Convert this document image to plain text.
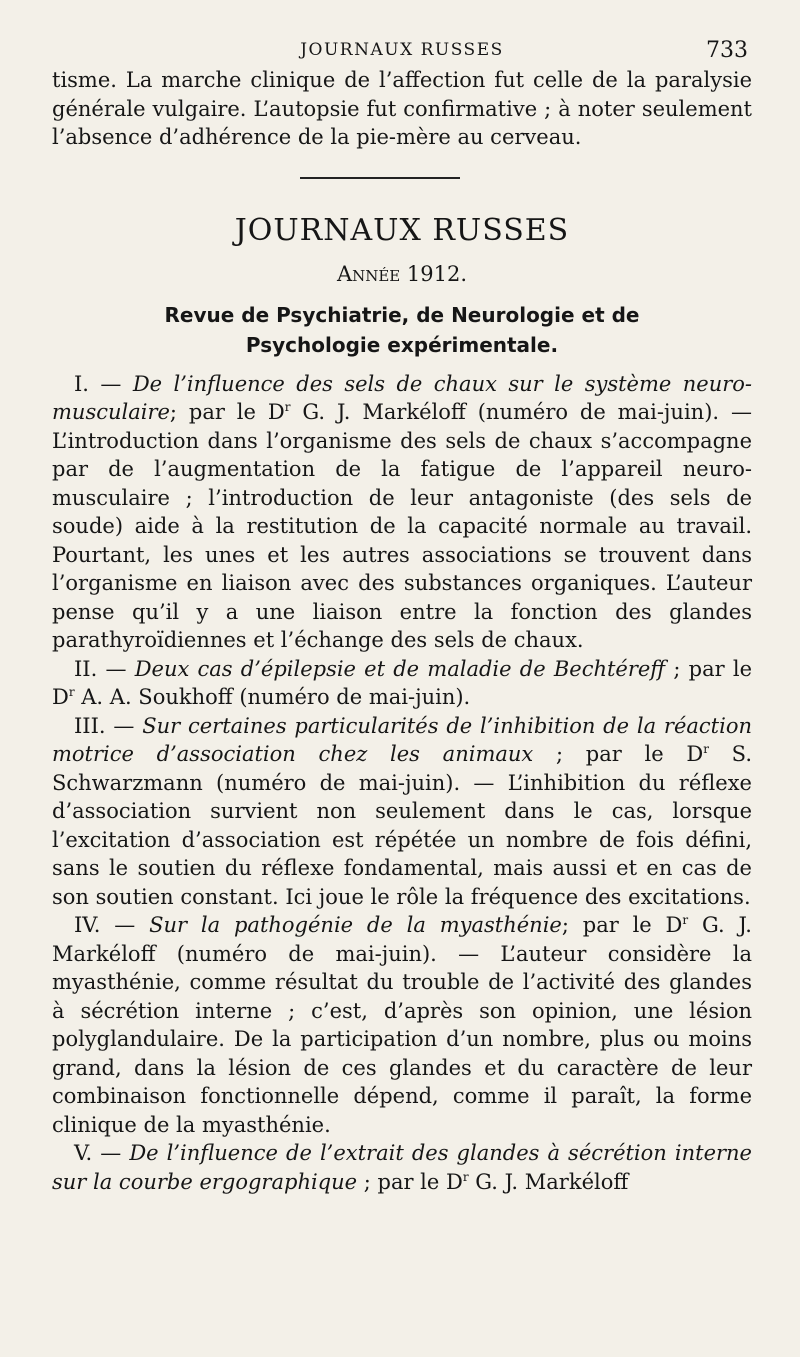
JOURNAUX RUSSES	733

tisme. La marche clinique de l’affection fut celle de la paralysie générale vulgaire. L’autopsie fut confirmative ; à noter seulement l’absence d’adhérence de la pie-mère au cerveau.

JOURNAUX RUSSES
Année 1912.
Revue de Psychiatrie, de Neurologie et de
Psychologie expérimentale.

I. — De l’influence des sels de chaux sur le système neuro-musculaire; par le $D^r$ G. J. Markéloff (numéro de mai-juin). — L’introduction dans l’organisme des sels de chaux s’accompagne par de l’augmentation de la fatigue de l’appareil neuro-musculaire ; l’introduction de leur antagoniste (des sels de soude) aide à la restitution de la capacité normale au travail. Pourtant, les unes et les autres associations se trouvent dans l’organisme en liaison avec des substances organiques. L’auteur pense qu’il y a une liaison entre la fonction des glandes parathyroïdiennes et l’échange des sels de chaux.

II. — Deux cas d’épilepsie et de maladie de Bechtéreff ; par le $D^r$ A. A. Soukhoff (numéro de mai-juin).

III. — Sur certaines particularités de l’inhibition de la réaction motrice d’association chez les animaux ; par le $D^r$ S. Schwarzmann (numéro de mai-juin). — L’inhibition du réflexe d’association survient non seulement dans le cas, lorsque l’excitation d’association est répétée un nombre de fois défini, sans le soutien du réflexe fondamental, mais aussi et en cas de son soutien constant. Ici joue le rôle la fréquence des excitations.

IV. — Sur la pathogénie de la myasthénie; par le $D^r$ G. J. Markéloff (numéro de mai-juin). — L’auteur considère la myasthénie, comme résultat du trouble de l’activité des glandes à sécrétion interne ; c’est, d’après son opinion, une lésion polyglandulaire. De la participation d’un nombre, plus ou moins grand, dans la lésion de ces glandes et du caractère de leur combinaison fonctionnelle dépend, comme il paraît, la forme clinique de la myasthénie.

V. — De l’influence de l’extrait des glandes à sécrétion interne sur la courbe ergographique ; par le $D^r$ G. J. Markéloff
